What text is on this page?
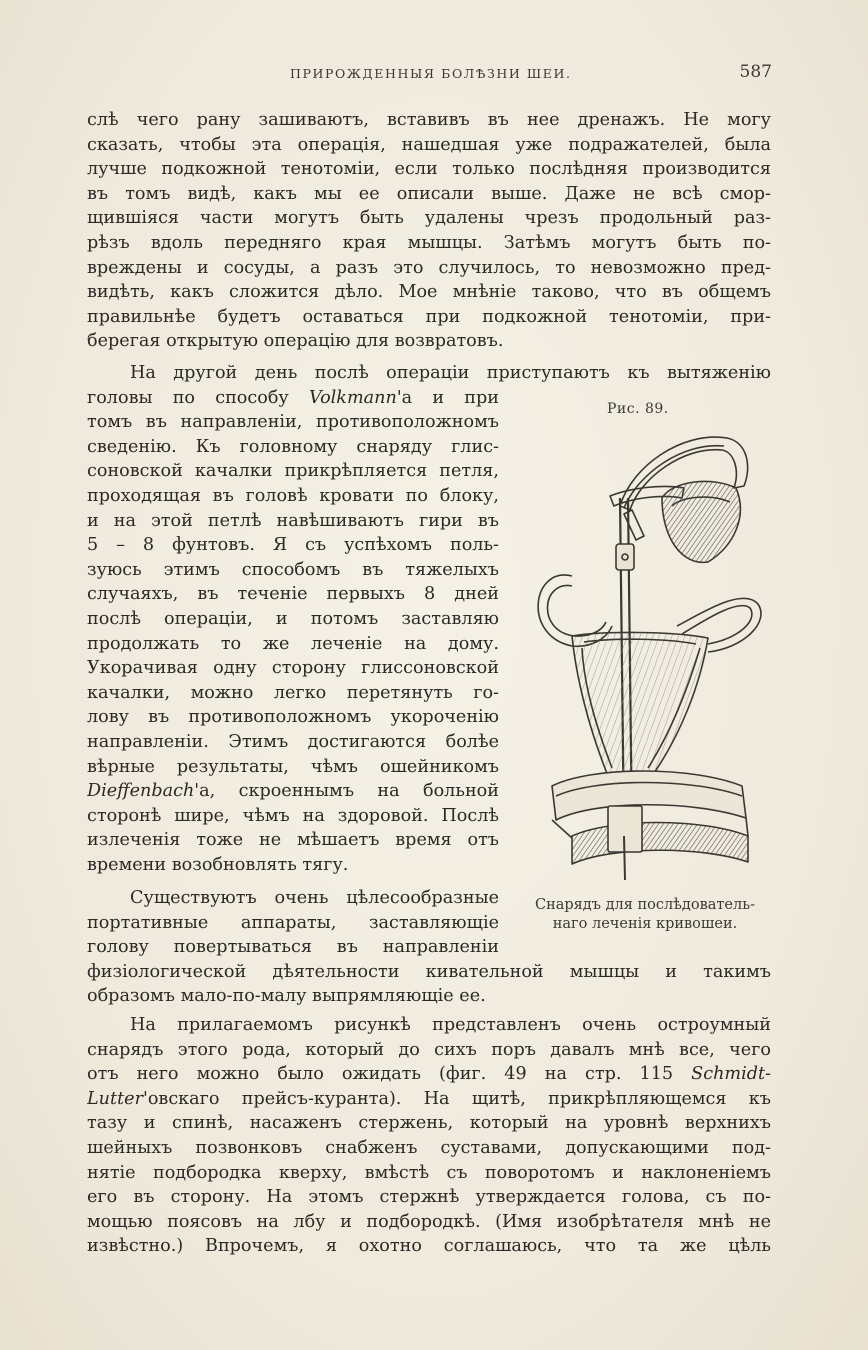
ПРИРОЖДЕННЫЯ БОЛѢЗНИ ШЕИ.	587
слѣ чего рану зашиваютъ, вставивъ въ нее дренажъ. Не могу
сказать, чтобы эта операція, нашедшая уже подражателей, была
лучше подкожной тенотоміи, если только послѣдняя производится
въ томъ видѣ, какъ мы ее описали выше. Даже не всѣ смор-
щившіяся части могутъ быть удалены чрезъ продольный раз-
рѣзъ вдоль передняго края мышцы. Затѣмъ могутъ быть по-
вреждены и сосуды, а разъ это случилось, то невозможно пред-
видѣть, какъ сложится дѣло. Мое мнѣніе таково, что въ общемъ
правильнѣе будетъ оставаться при подкожной тенотоміи, при-
берегая открытую операцію для возвратовъ.
На другой день послѣ операціи приступаютъ къ вытяженію
головы по способу Volkmann'а и при
томъ въ направленіи, противоположномъ
сведенію. Къ головному снаряду глис-
соновской качалки прикрѣпляется петля,
проходящая въ головѣ кровати по блоку,
и на этой петлѣ навѣшиваютъ гири въ
5 – 8 фунтовъ. Я съ успѣхомъ поль-
зуюсь этимъ способомъ въ тяжелыхъ
случаяхъ, въ теченіе первыхъ 8 дней
послѣ операціи, и потомъ заставляю
продолжать то же леченіе на дому.
Укорачивая одну сторону глиссоновской
качалки, можно легко перетянуть го-
лову въ противоположномъ укороченію
направленіи. Этимъ достигаются болѣе
вѣрные результаты, чѣмъ ошейникомъ
Dieffenbach'а, скроеннымъ на больной
сторонѣ шире, чѣмъ на здоровой. Послѣ
излеченія тоже не мѣшаетъ время отъ
времени возобновлять тягу.
Существуютъ очень цѣлесообразные
портативные аппараты, заставляющіе
голову повертываться въ направленіи
физіологической дѣятельности кивательной мышцы и такимъ
образомъ мало-по-малу выпрямляющіе ее.
На прилагаемомъ рисункѣ представленъ очень остроумный
снарядъ этого рода, который до сихъ поръ давалъ мнѣ все, чего
отъ него можно было ожидать (фиг. 49 на стр. 115 Schmidt-
Lutter'овскаго прейсъ-куранта). На щитѣ, прикрѣпляющемся къ
тазу и спинѣ, насаженъ стержень, который на уровнѣ верхнихъ
шейныхъ позвонковъ снабженъ суставами, допускающими под-
нятіе подбородка кверху, вмѣстѣ съ поворотомъ и наклоненіемъ
его въ сторону. На этомъ стержнѣ утверждается голова, съ по-
мощью поясовъ на лбу и подбородкѣ. (Имя изобрѣтателя мнѣ не
извѣстно.) Впрочемъ, я охотно соглашаюсь, что та же цѣль
Рис. 89.
Снарядъ для послѣдователь-
наго леченія кривошеи.
